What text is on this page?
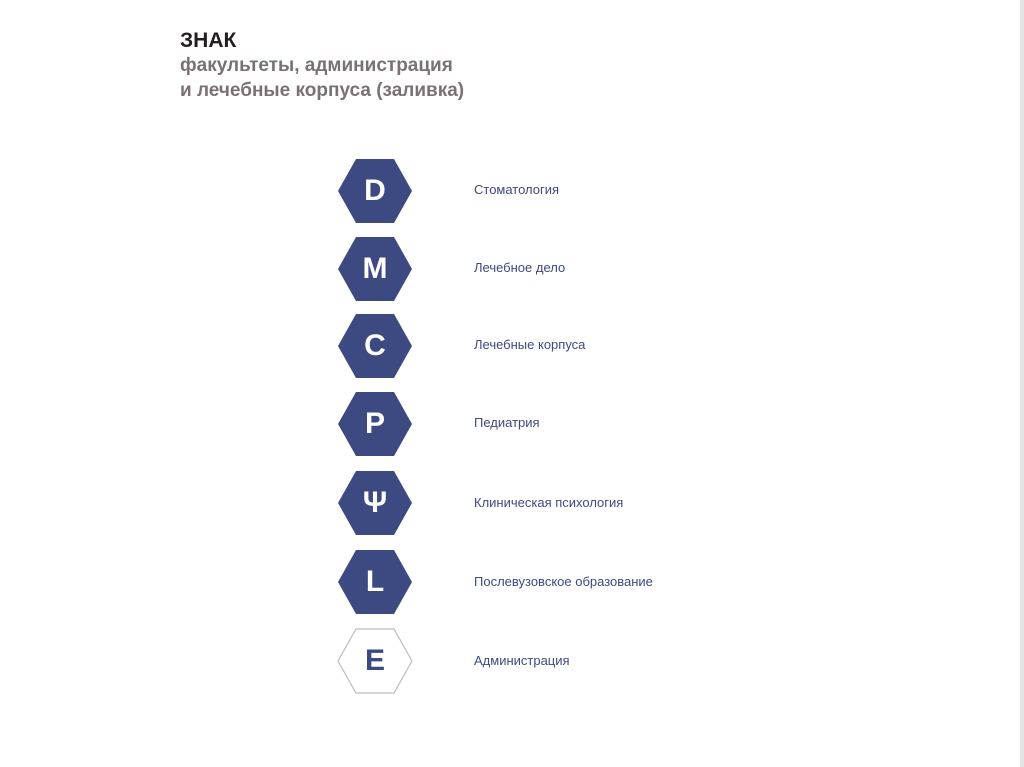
ЗНАК
факультеты, администрация
и лечебные корпуса (заливка)
D	Стоматология
M	Лечебное дело
C	Лечебные корпуса
P	Педиатрия
Ψ	Клиническая психология
L	Послевузовское образование
E	Администрация
